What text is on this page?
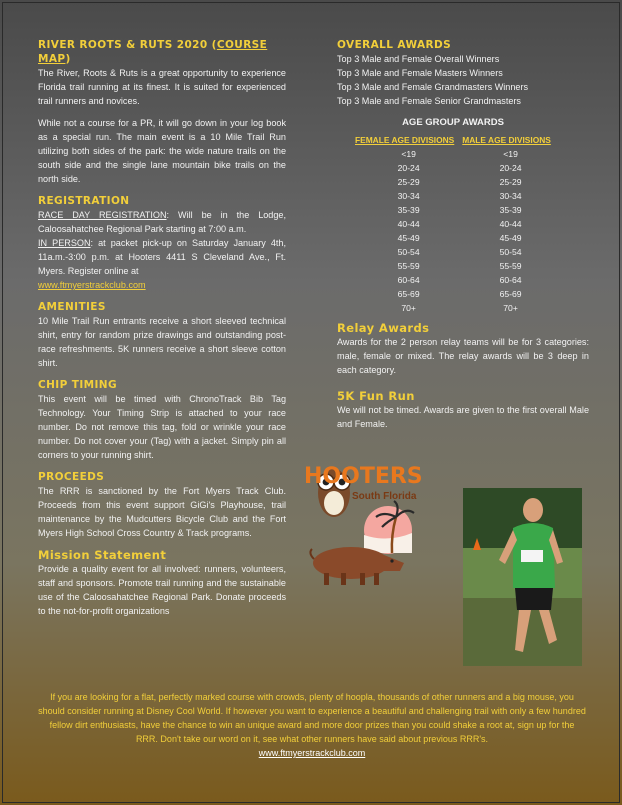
RIVER ROOTS & RUTS 2020 (COURSE MAP)

The River, Roots & Ruts is a great opportunity to experience Florida trail running at its finest. It is suited for experienced trail runners and novices.

While not a course for a PR, it will go down in your log book as a special run. The main event is a 10 Mile Trail Run utilizing both sides of the park: the wide nature trails on the south side and the single lane mountain bike trails on the north side.

REGISTRATION

RACE DAY REGISTRATION: Will be in the Lodge, Caloosahatchee Regional Park starting at 7:00 a.m.

IN PERSON: at packet pick-up on Saturday January 4th, 11a.m.-3:00 p.m. at Hooters 4411 S Cleveland Ave., Ft. Myers. Register online at

www.ftmyerstrackclub.com

AMENITIES

10 Mile Trail Run entrants receive a short sleeved technical shirt, entry for random prize drawings and outstanding post-race refreshments. 5K runners receive a short sleeve cotton shirt.

CHIP TIMING

This event will be timed with ChronoTrack Bib Tag Technology. Your Timing Strip is attached to your race number. Do not remove this tag, fold or wrinkle your race number. Do not cover your (Tag) with a jacket. Simply pin all corners to your running shirt.

PROCEEDS

The RRR is sanctioned by the Fort Myers Track Club. Proceeds from this event support GiGi's Playhouse, trail maintenance by the Mudcutters Bicycle Club and the Fort Myers High School Cross Country & Track programs.

Mission Statement

Provide a quality event for all involved: runners, volunteers, staff and sponsors. Promote trail running and the sustainable use of the Caloosahatchee Regional Park. Donate proceeds to the not-for-profit organizations

OVERALL AWARDS

Top 3 Male and Female Overall Winners
Top 3 Male and Female Masters Winners
Top 3 Male and Female Grandmasters Winners
Top 3 Male and Female Senior Grandmasters
AGE GROUP AWARDS
FEMALE AGE DIVISIONS	MALE AGE DIVISIONS
<19	<19
20-24	20-24
25-29	25-29
30-34	30-34
35-39	35-39
40-44	40-44
45-49	45-49
50-54	50-54
55-59	55-59
60-64	60-64
65-69	65-69
70+	70+

Relay Awards

Awards for the 2 person relay teams will be for 3 categories: male, female or mixed. The relay awards will be 3 deep in each category.

5K Fun Run

We will not be timed. Awards are given to the first overall Male and Female.

HOOTERS
South Florida
If you are looking for a flat, perfectly marked course with crowds, plenty of hoopla, thousands of other runners and a big mouse, you should consider running at Disney Cool World. If however you want to experience a beautiful and challenging trail with only a few hundred fellow dirt enthusiasts, have the chance to win an unique award and more door prizes than you could shake a root at, sign up for the RRR. Don't take our word on it, see what other runners have said about previous RRR's.
www.ftmyerstrackclub.com
